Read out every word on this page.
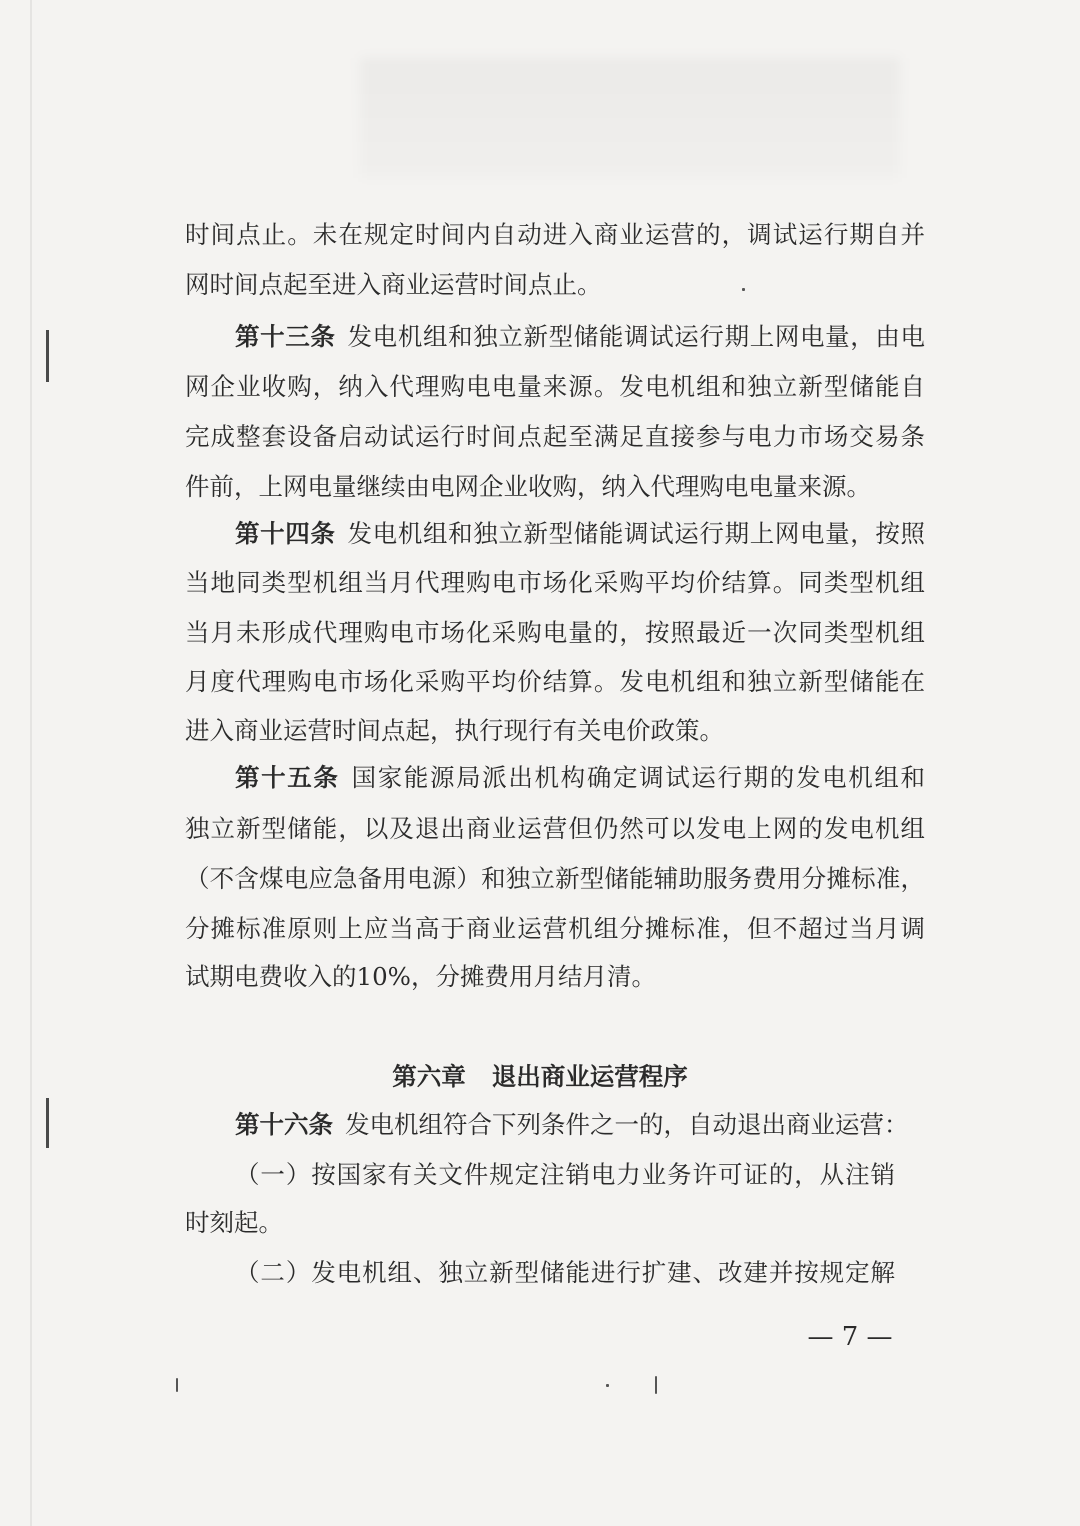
时间点止。未在规定时间内自动进入商业运营的，调试运行期自并
网时间点起至进入商业运营时间点止。
第十三条 发电机组和独立新型储能调试运行期上网电量，由电
网企业收购，纳入代理购电电量来源。发电机组和独立新型储能自
完成整套设备启动试运行时间点起至满足直接参与电力市场交易条
件前，上网电量继续由电网企业收购，纳入代理购电电量来源。
第十四条 发电机组和独立新型储能调试运行期上网电量，按照
当地同类型机组当月代理购电市场化采购平均价结算。同类型机组
当月未形成代理购电市场化采购电量的，按照最近一次同类型机组
月度代理购电市场化采购平均价结算。发电机组和独立新型储能在
进入商业运营时间点起，执行现行有关电价政策。
第十五条 国家能源局派出机构确定调试运行期的发电机组和
独立新型储能，以及退出商业运营但仍然可以发电上网的发电机组
（不含煤电应急备用电源）和独立新型储能辅助服务费用分摊标准，
分摊标准原则上应当高于商业运营机组分摊标准，但不超过当月调
试期电费收入的10%，分摊费用月结月清。
第六章 退出商业运营程序
第十六条 发电机组符合下列条件之一的，自动退出商业运营：
（一）按国家有关文件规定注销电力业务许可证的，从注销
时刻起。
（二）发电机组、独立新型储能进行扩建、改建并按规定解
— 7 —
